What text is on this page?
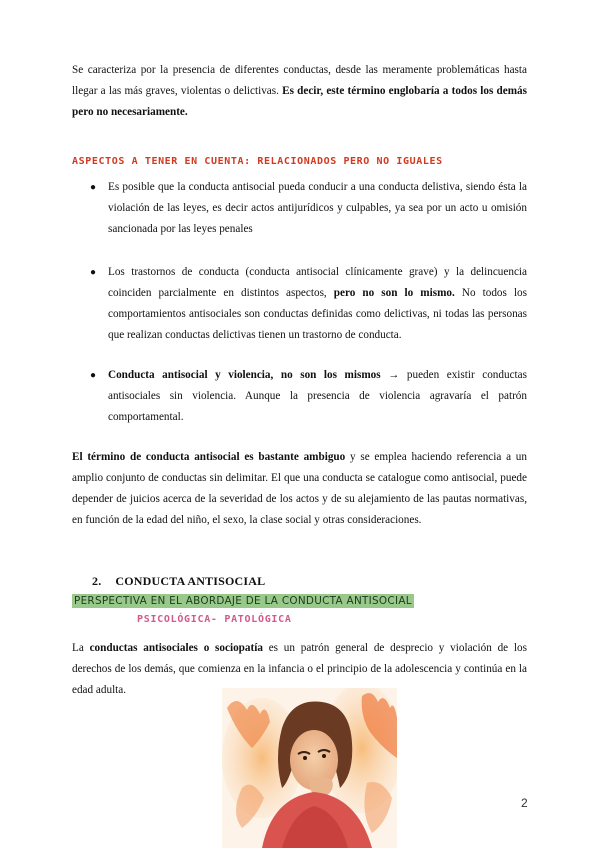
Se caracteriza por la presencia de diferentes conductas, desde las meramente problemáticas hasta llegar a las más graves, violentas o delictivas. Es decir, este término englobaría a todos los demás pero no necesariamente.

ASPECTOS A TENER EN CUENTA: RELACIONADOS PERO NO IGUALES
●	Es posible que la conducta antisocial pueda conducir a una conducta delistiva, siendo ésta la violación de las leyes, es decir actos antijurídicos y culpables, ya sea por un acto u omisión sancionada por las leyes penales
●	Los trastornos de conducta (conducta antisocial clínicamente grave) y la delincuencia coinciden parcialmente en distintos aspectos, pero no son lo mismo. No todos los comportamientos antisociales son conductas definidas como delictivas, ni todas las personas que realizan conductas delictivas tienen un trastorno de conducta.
●	Conducta antisocial y violencia, no son los mismos → pueden existir conductas antisociales sin violencia. Aunque la presencia de violencia agravaría el patrón comportamental.

El término de conducta antisocial es bastante ambiguo y se emplea haciendo referencia a un amplio conjunto de conductas sin delimitar. El que una conducta se catalogue como antisocial, puede depender de juicios acerca de la severidad de los actos y de su alejamiento de las pautas normativas, en función de la edad del niño, el sexo, la clase social y otras consideraciones.

2. CONDUCTA ANTISOCIAL
PERSPECTIVA EN EL ABORDAJE DE LA CONDUCTA ANTISOCIAL
PSICOLÓGICA- PATOLÓGICA

La conductas antisociales o sociopatía es un patrón general de desprecio y violación de los derechos de los demás, que comienza en la infancia o el principio de la adolescencia y continúa en la edad adulta.

2
